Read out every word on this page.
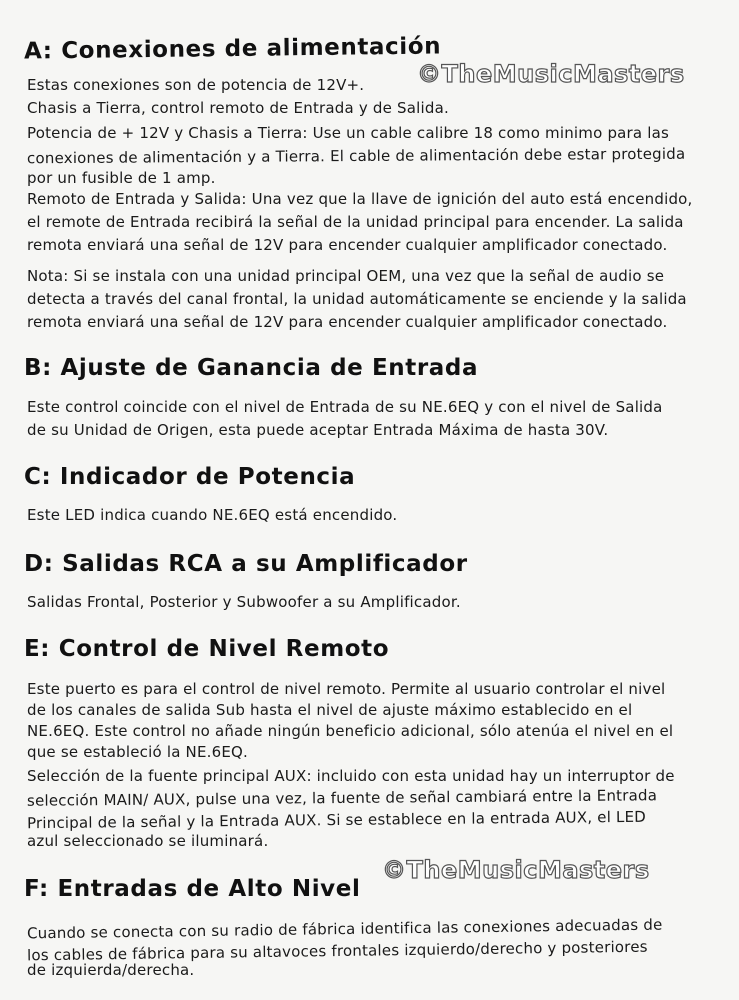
A: Conexiones de alimentación
Estas conexiones son de potencia de 12V+.
Chasis a Tierra, control remoto de Entrada y de Salida.
Potencia de + 12V y Chasis a Tierra: Use un cable calibre 18 como minimo para las
conexiones de alimentación y a Tierra. El cable de alimentación debe estar protegida
por un fusible de 1 amp.
Remoto de Entrada y Salida: Una vez que la llave de ignición del auto está encendido,
el remote de Entrada recibirá la señal de la unidad principal para encender. La salida
remota enviará una señal de 12V para encender cualquier amplificador conectado.
Nota: Si se instala con una unidad principal OEM, una vez que la señal de audio se
detecta a través del canal frontal, la unidad automáticamente se enciende y la salida
remota enviará una señal de 12V para encender cualquier amplificador conectado.
B: Ajuste de Ganancia de Entrada
Este control coincide con el nivel de Entrada de su NE.6EQ y con el nivel de Salida
de su Unidad de Origen, esta puede aceptar Entrada Máxima de hasta 30V.
C: Indicador de Potencia
Este LED indica cuando NE.6EQ está encendido.
D: Salidas RCA a su Amplificador
Salidas Frontal, Posterior y Subwoofer a su Amplificador.
E: Control de Nivel Remoto
Este puerto es para el control de nivel remoto. Permite al usuario controlar el nivel
de los canales de salida Sub hasta el nivel de ajuste máximo establecido en el
NE.6EQ. Este control no añade ningún beneficio adicional, sólo atenúa el nivel en el
que se estableció la NE.6EQ.
Selección de la fuente principal AUX: incluido con esta unidad hay un interruptor de
selección MAIN/ AUX, pulse una vez, la fuente de señal cambiará entre la Entrada
Principal de la señal y la Entrada AUX. Si se establece en la entrada AUX, el LED
azul seleccionado se iluminará.
F: Entradas de Alto Nivel
Cuando se conecta con su radio de fábrica identifica las conexiones adecuadas de
los cables de fábrica para su altavoces frontales izquierdo/derecho y posteriores
de izquierda/derecha.
©TheMusicMasters
©TheMusicMasters
